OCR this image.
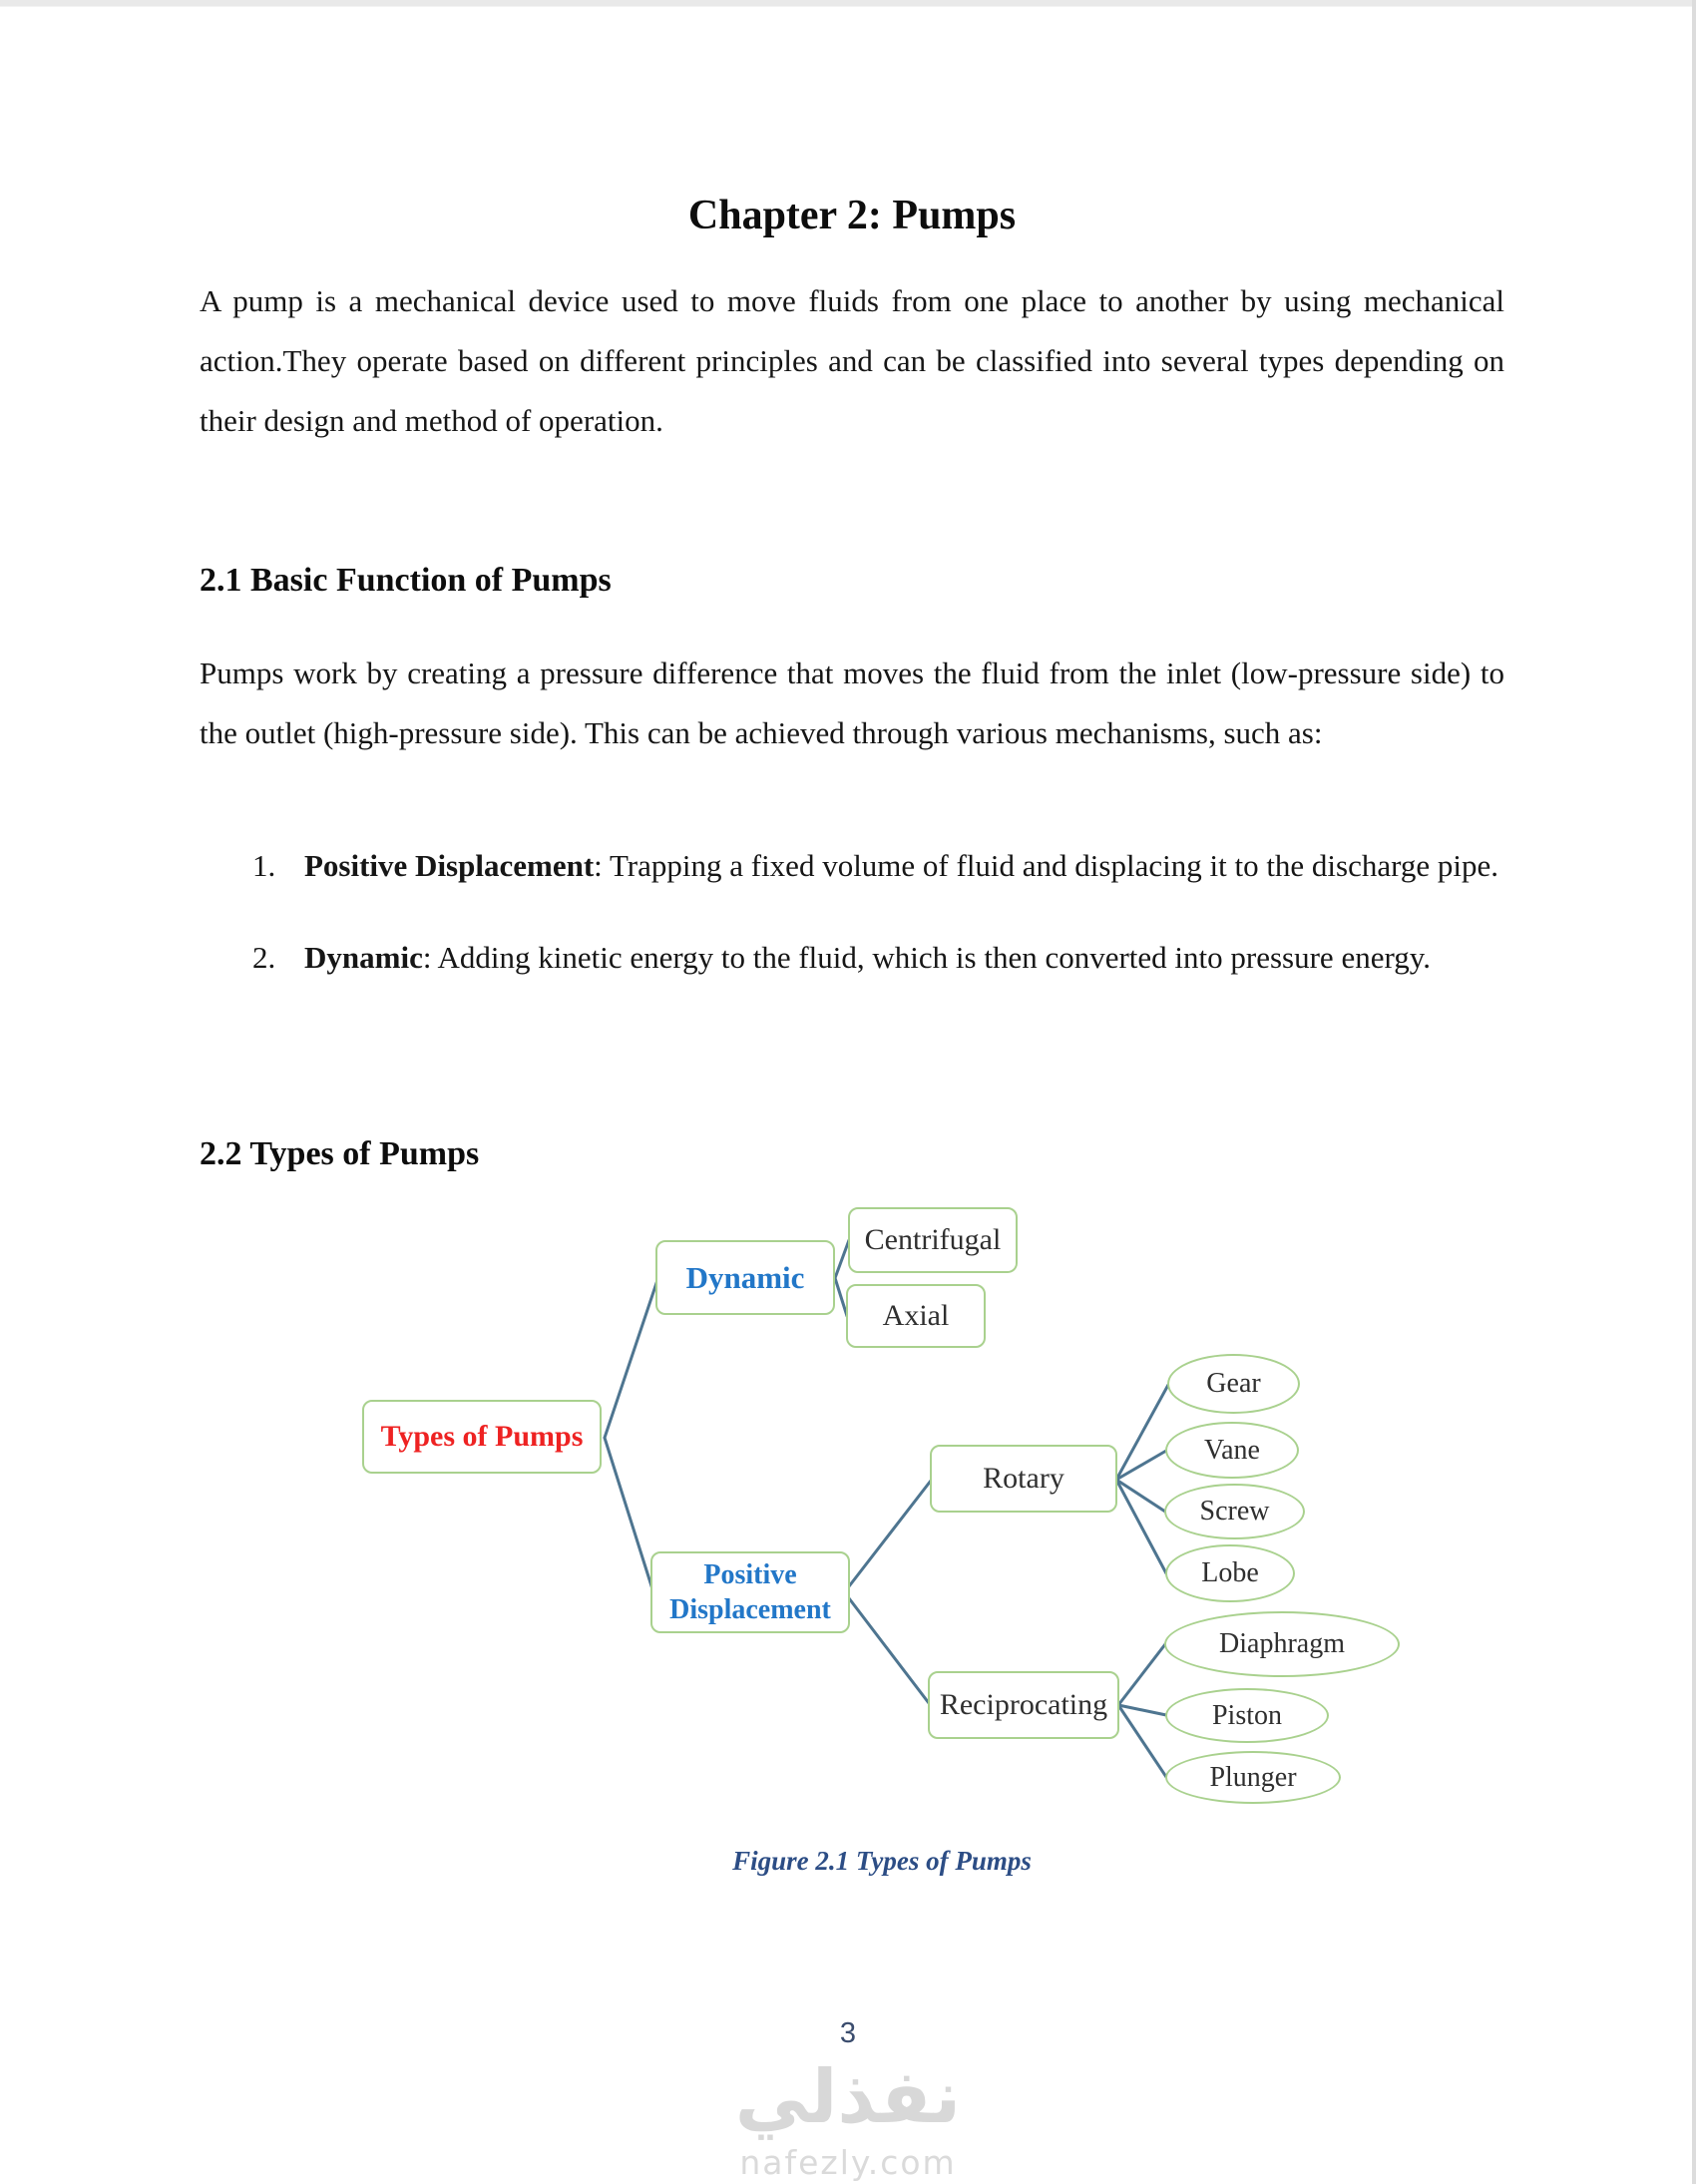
Chapter 2: Pumps

A pump is a mechanical device used to move fluids from one place to another by using mechanical action.They operate based on different principles and can be classified into several types depending on their design and method of operation.

2.1 Basic Function of Pumps

Pumps work by creating a pressure difference that moves the fluid from the inlet (low-pressure side) to the outlet (high-pressure side). This can be achieved through various mechanisms, such as:

1. Positive Displacement: Trapping a fixed volume of fluid and displacing it to the discharge pipe.
2. Dynamic: Adding kinetic energy to the fluid, which is then converted into pressure energy.
2.2 Types of Pumps
Types of Pumps
Dynamic
Centrifugal
Axial
Positive Displacement
Rotary
Reciprocating
Gear
Vane
Screw
Lobe
Diaphragm
Piston
Plunger
Figure 2.1 Types of Pumps
3
نفذلي
nafezly.com
